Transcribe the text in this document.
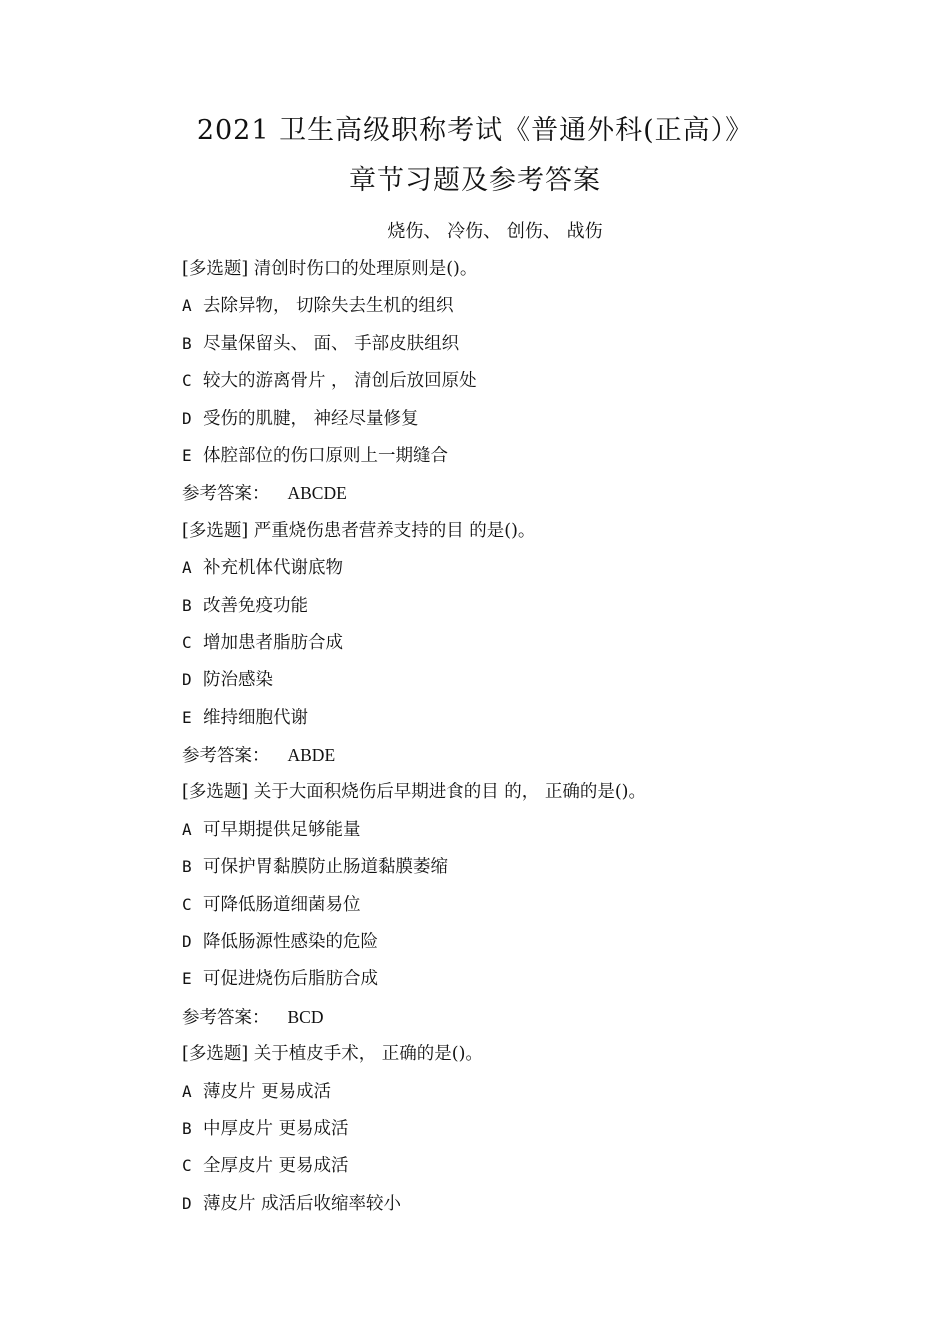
2021 卫生高级职称考试《普通外科(正高）》
章节习题及参考答案
烧伤、 冷伤、 创伤、 战伤
[多选题] 清创时伤口的处理原则是()。
A 去除异物， 切除失去生机的组织
B 尽量保留头、 面、 手部皮肤组织
C 较大的游离骨片 ， 清创后放回原处
D 受伤的肌腱， 神经尽量修复
E 体腔部位的伤口原则上一期缝合
参考答案： ABCDE
[多选题] 严重烧伤患者营养支持的目 的是()。
A 补充机体代谢底物
B 改善免疫功能
C 增加患者脂肪合成
D 防治感染
E 维持细胞代谢
参考答案： ABDE
[多选题] 关于大面积烧伤后早期进食的目 的， 正确的是()。
A 可早期提供足够能量
B 可保护胃黏膜防止肠道黏膜萎缩
C 可降低肠道细菌易位
D 降低肠源性感染的危险
E 可促进烧伤后脂肪合成
参考答案： BCD
[多选题] 关于植皮手术， 正确的是()。
A 薄皮片 更易成活
B 中厚皮片 更易成活
C 全厚皮片 更易成活
D 薄皮片 成活后收缩率较小
